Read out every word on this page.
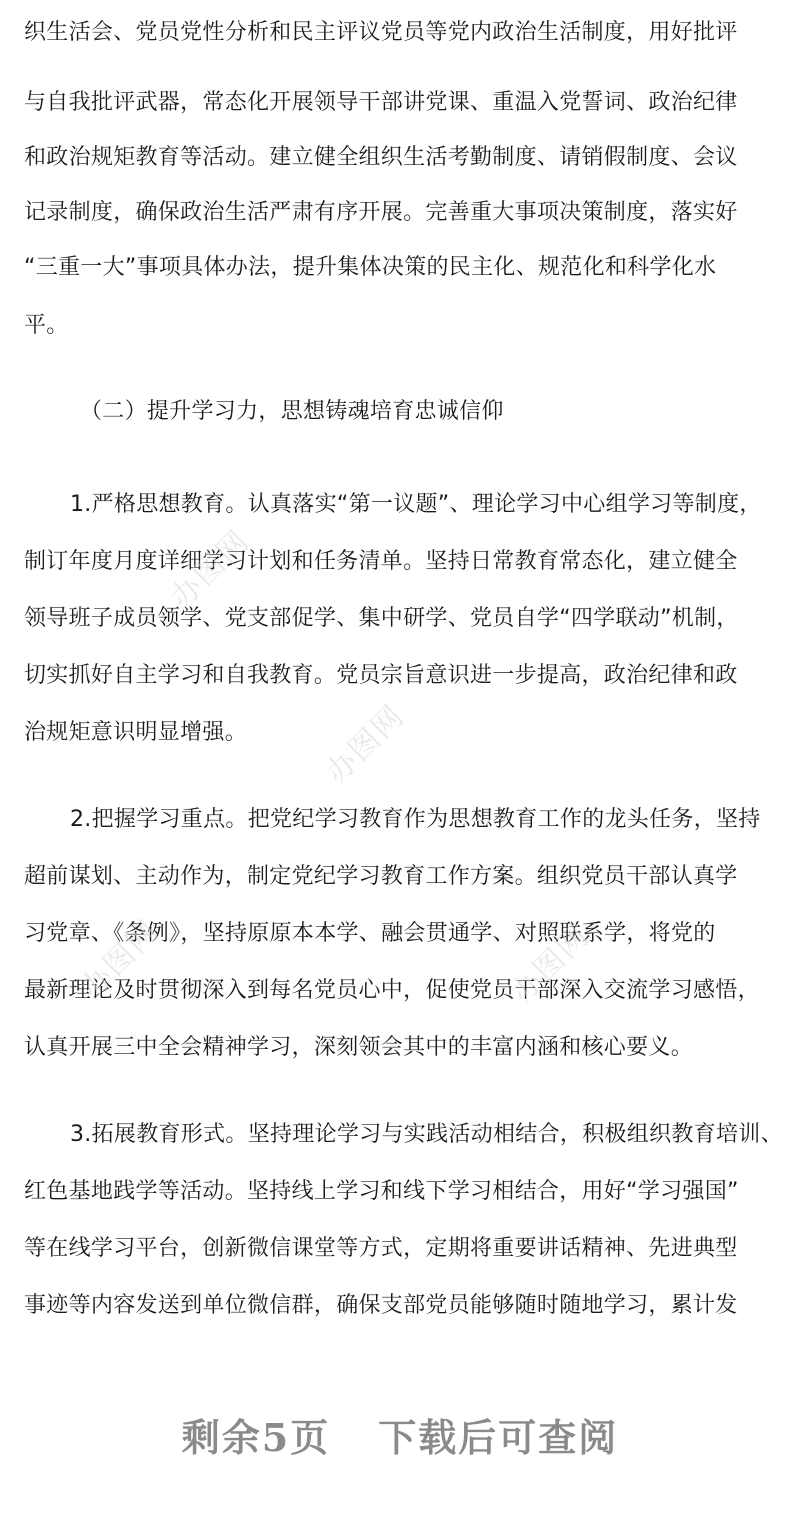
织生活会、党员党性分析和民主评议党员等党内政治生活制度，用好批评
与自我批评武器，常态化开展领导干部讲党课、重温入党誓词、政治纪律
和政治规矩教育等活动。建立健全组织生活考勤制度、请销假制度、会议
记录制度，确保政治生活严肃有序开展。完善重大事项决策制度，落实好
“三重一大”事项具体办法，提升集体决策的民主化、规范化和科学化水
平。
（二）提升学习力，思想铸魂培育忠诚信仰
1.严格思想教育。认真落实“第一议题”、理论学习中心组学习等制度，
制订年度月度详细学习计划和任务清单。坚持日常教育常态化，建立健全
领导班子成员领学、党支部促学、集中研学、党员自学“四学联动”机制，
切实抓好自主学习和自我教育。党员宗旨意识进一步提高，政治纪律和政
治规矩意识明显增强。
2.把握学习重点。把党纪学习教育作为思想教育工作的龙头任务，坚持
超前谋划、主动作为，制定党纪学习教育工作方案。组织党员干部认真学
习党章、《条例》，坚持原原本本学、融会贯通学、对照联系学，将党的
最新理论及时贯彻深入到每名党员心中，促使党员干部深入交流学习感悟，
认真开展三中全会精神学习，深刻领会其中的丰富内涵和核心要义。
3.拓展教育形式。坚持理论学习与实践活动相结合，积极组织教育培训、
红色基地践学等活动。坚持线上学习和线下学习相结合，用好“学习强国”
等在线学习平台，创新微信课堂等方式，定期将重要讲话精神、先进典型
事迹等内容发送到单位微信群，确保支部党员能够随时随地学习，累计发
办图网
办图网
办图网
办图网
剩余5页 下载后可查阅
